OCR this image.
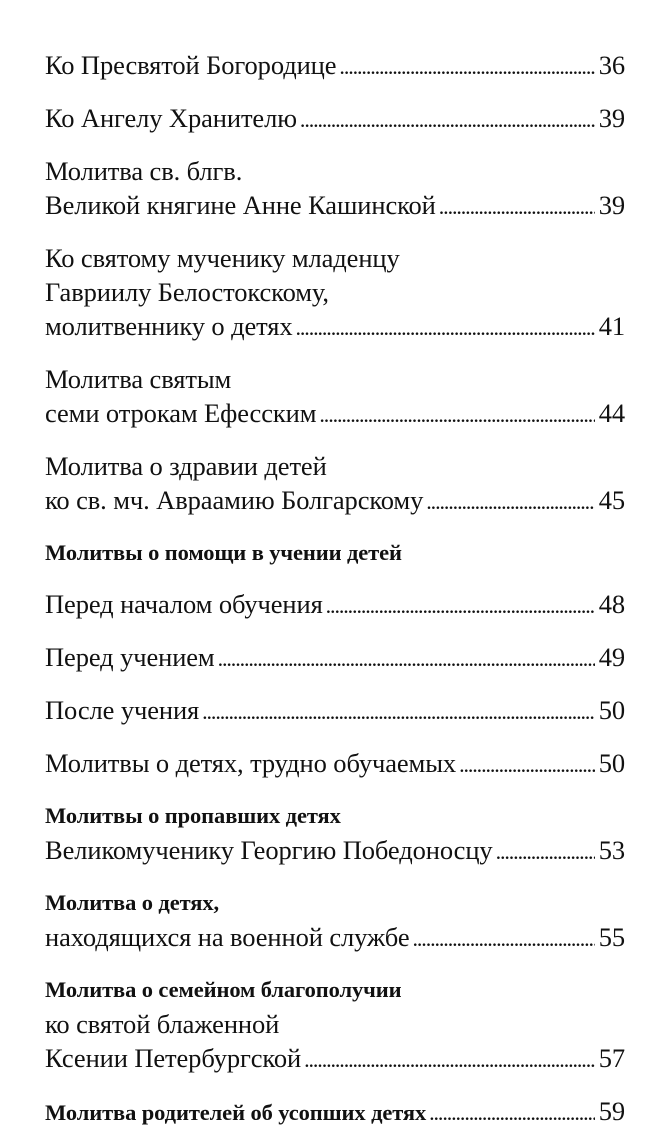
Ко Пресвятой Богородице . . .	36
Ко Ангелу Хранителю . . .	39
Молитва св. блгв.
Великой княгине Анне Кашинской . . .	39
Ко святому мученику младенцу
Гавриилу Белостокскому,
молитвеннику о детях . . .	41
Молитва святым
семи отрокам Ефесским . . .	44
Молитва о здравии детей
ко св. мч. Авраамию Болгарскому . . .	45
Молитвы о помощи в учении детей
Перед началом обучения . . .	48
Перед учением . . .	49
После учения . . .	50
Молитвы о детях, трудно обучаемых . . .	50
Молитвы о пропавших детях
Великомученику Георгию Победоносцу . . .	53
Молитва о детях,
находящихся на военной службе . . .	55
Молитва о семейном благополучии
ко святой блаженной
Ксении Петербургской . . .	57
Молитва родителей об усопших детях . . .	59
